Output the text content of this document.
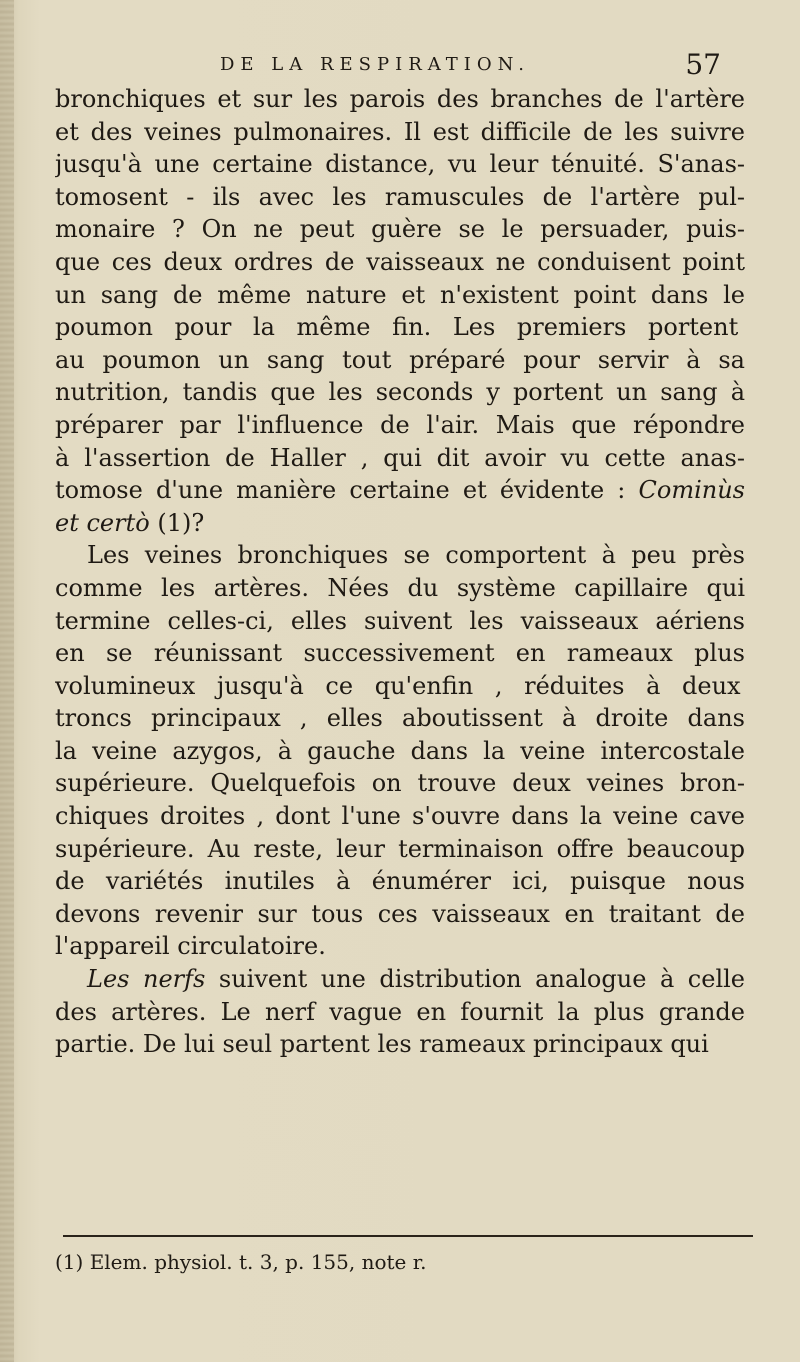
DE LA RESPIRATION.	57
bronchiques et sur les parois des branches de l'artère
et des veines pulmonaires. Il est difficile de les suivre
jusqu'à une certaine distance, vu leur ténuité. S'anas-
tomosent - ils avec les ramuscules de l'artère pul-
monaire ? On ne peut guère se le persuader, puis-
que ces deux ordres de vaisseaux ne conduisent point
un sang de même nature et n'existent point dans le
poumon pour la même fin. Les premiers portent
au poumon un sang tout préparé pour servir à sa
nutrition, tandis que les seconds y portent un sang à
préparer par l'influence de l'air. Mais que répondre
à l'assertion de Haller , qui dit avoir vu cette anas-
tomose d'une manière certaine et évidente : Cominùs
et certò (1)?
Les veines bronchiques se comportent à peu près
comme les artères. Nées du système capillaire qui
termine celles-ci, elles suivent les vaisseaux aériens
en se réunissant successivement en rameaux plus
volumineux jusqu'à ce qu'enfin , réduites à deux
troncs principaux , elles aboutissent à droite dans
la veine azygos, à gauche dans la veine intercostale
supérieure. Quelquefois on trouve deux veines bron-
chiques droites , dont l'une s'ouvre dans la veine cave
supérieure. Au reste, leur terminaison offre beaucoup
de variétés inutiles à énumérer ici, puisque nous
devons revenir sur tous ces vaisseaux en traitant de
l'appareil circulatoire.
Les nerfs suivent une distribution analogue à celle
des artères. Le nerf vague en fournit la plus grande
partie. De lui seul partent les rameaux principaux qui
(1) Elem. physiol. t. 3, p. 155, note r.
